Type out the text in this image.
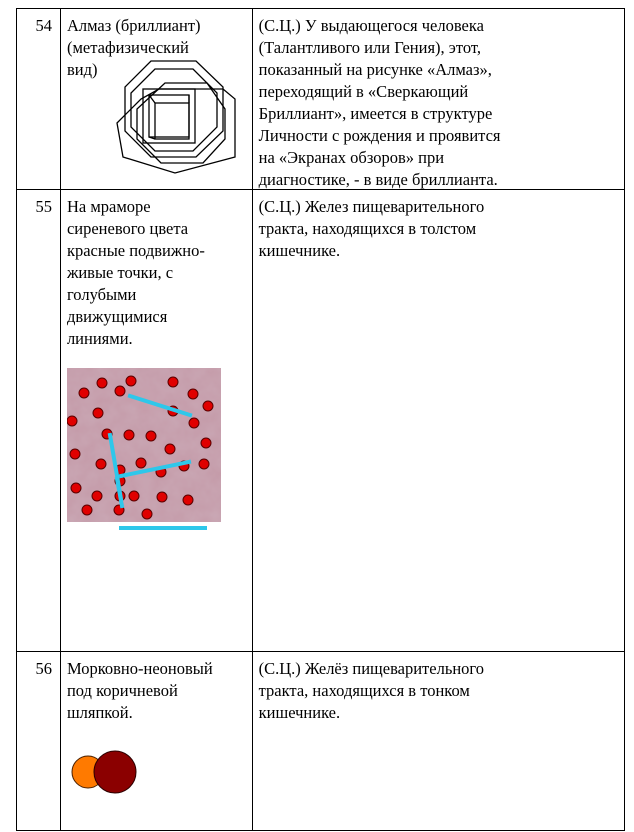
54 Алмаз (бриллиант)
(метафизический
вид)
(С.Ц.) У выдающегося человека
(Талантливого или Гения), этот,
показанный на рисунке «Алмаз»,
переходящий в «Сверкающий
Бриллиант», имеется в структуре
Личности с рождения и проявится
на «Экранах обзоров» при
диагностике, - в виде бриллианта.
55 На мраморе
сиреневого цвета
красные подвижно-
живые точки, с
голубыми
движущимися
линиями.
(С.Ц.) Желез пищеварительного
тракта, находящихся в толстом
кишечнике.
56 Морковно-неоновый
под коричневой
шляпкой.
(С.Ц.) Желёз пищеварительного
тракта, находящихся в тонком
кишечнике.
